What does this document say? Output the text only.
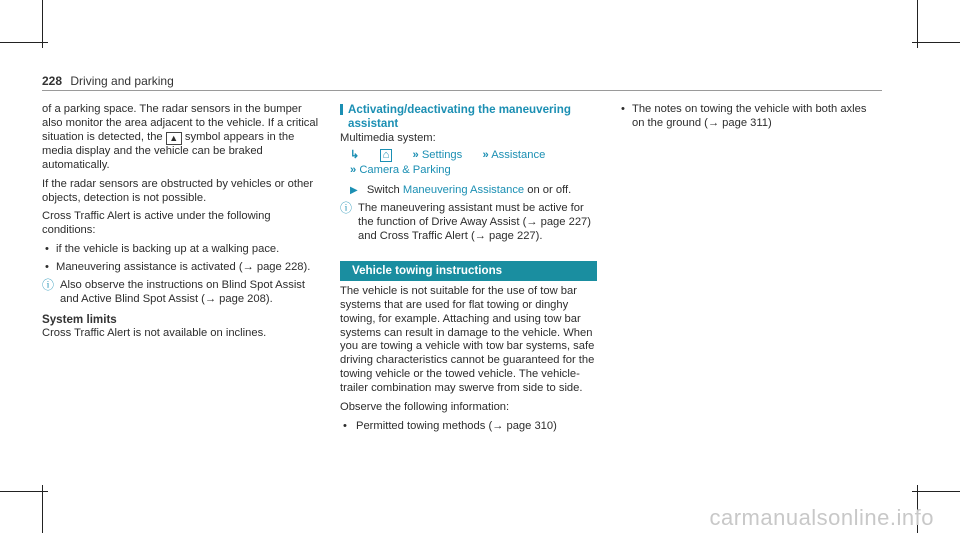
228 Driving and parking

of a parking space. The radar sensors in the bumper also monitor the area adjacent to the vehicle. If a critical situation is detected, the ▲ symbol appears in the media display and the vehicle can be braked automatically.

If the radar sensors are obstructed by vehicles or other objects, detection is not possible.

Cross Traffic Alert is active under the following conditions:

• if the vehicle is backing up at a walking pace.
• Maneuvering assistance is activated (→ page 228).
ⓘ Also observe the instructions on Blind Spot Assist and Active Blind Spot Assist (→ page 208).
System limits
Cross Traffic Alert is not available on inclines.
Activating/deactivating the maneuvering assistant
Multimedia system:
↳ ⌂ » Settings » Assistance
» Camera & Parking
▶ Switch Maneuvering Assistance on or off.
ⓘ The maneuvering assistant must be active for the function of Drive Away Assist (→ page 227) and Cross Traffic Alert (→ page 227).
Vehicle towing instructions

The vehicle is not suitable for the use of tow bar systems that are used for flat towing or dinghy towing, for example. Attaching and using tow bar systems can result in damage to the vehicle. When you are towing a vehicle with tow bar systems, safe driving characteristics cannot be guaranteed for the towing vehicle or the towed vehicle. The vehicle-trailer combination may swerve from side to side.

Observe the following information:

• Permitted towing methods (→ page 310)
• The notes on towing the vehicle with both axles on the ground (→ page 311)
carmanualsonline.info
